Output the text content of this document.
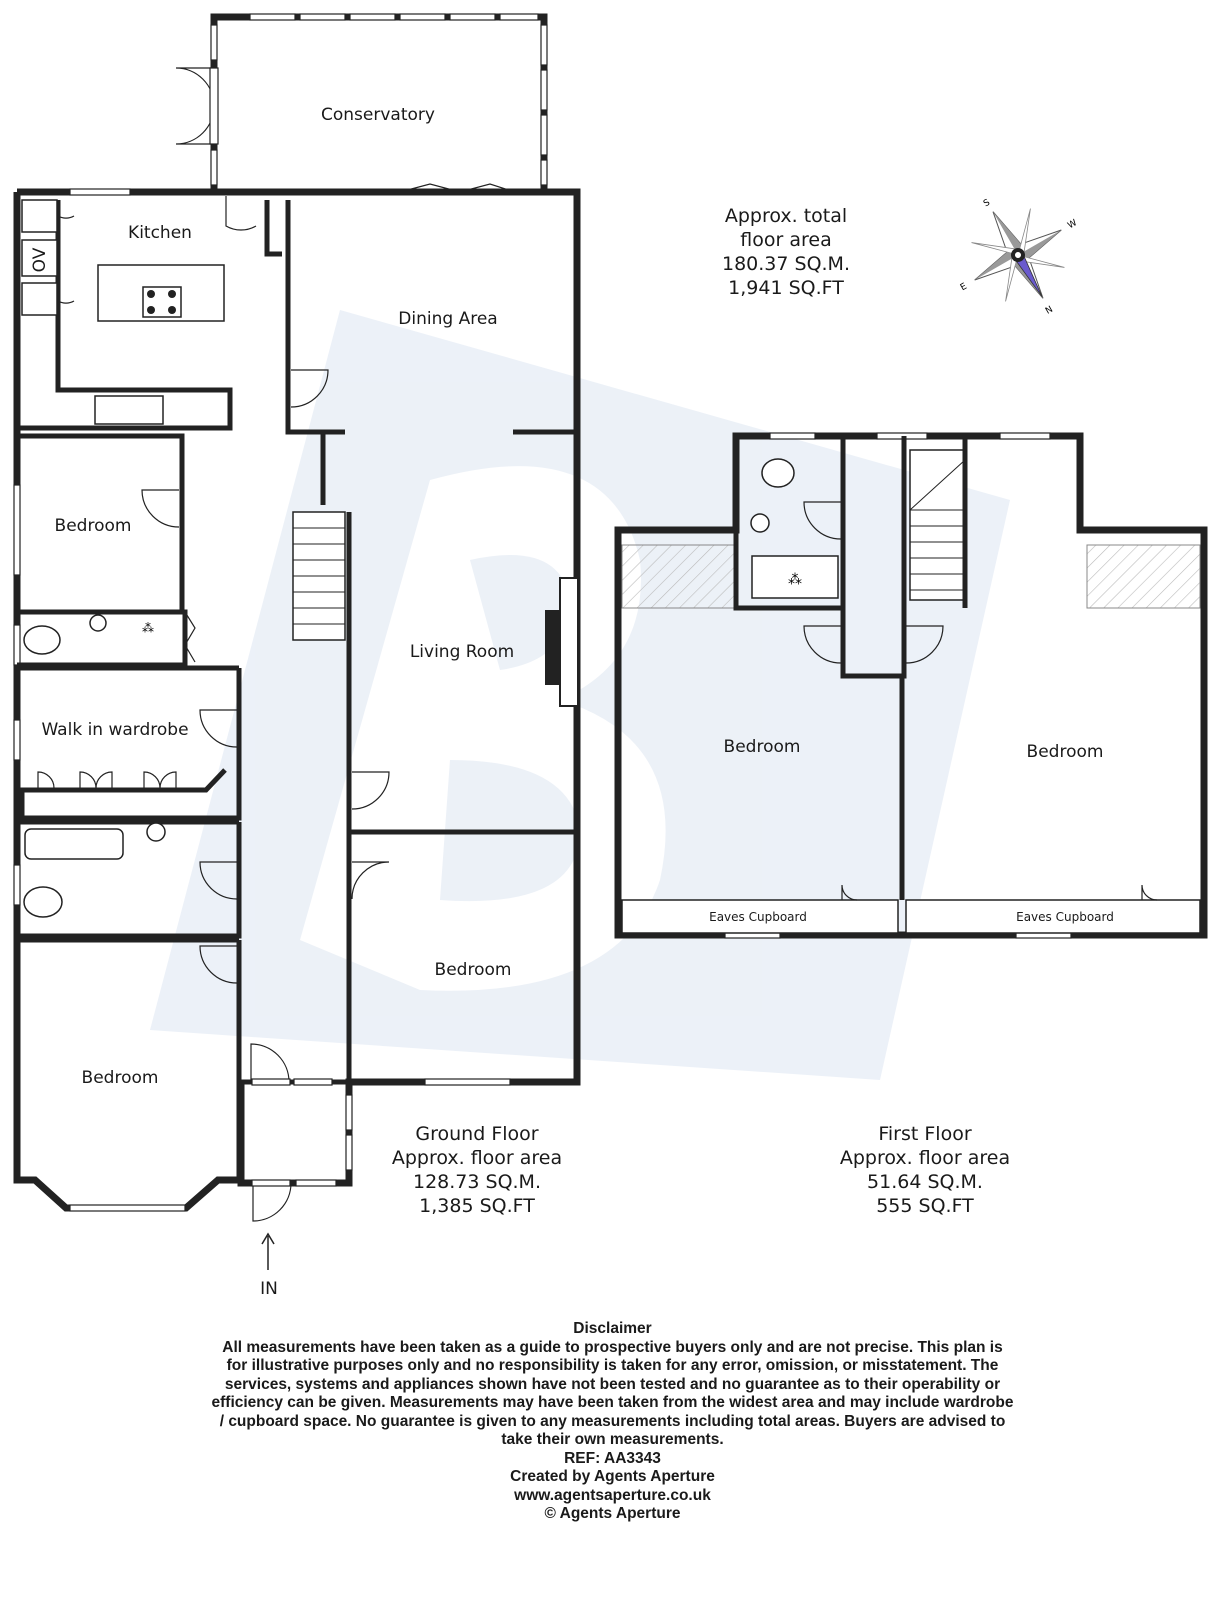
⁂
Conservatory
Kitchen
OV
Dining Area
Bedroom
Living Room
Walk in wardrobe
Bedroom
Bedroom
IN
Ground Floor
Approx. floor area
128.73 SQ.M.
1,385 SQ.FT
⁂
Bedroom	Bedroom
Eaves Cupboard	Eaves Cupboard
First Floor
Approx. floor area
51.64 SQ.M.
555 SQ.FT
Approx. total
floor area
180.37 SQ.M.
1,941 SQ.FT
N
S
E
W
Disclaimer
All measurements have been taken as a guide to prospective buyers only and are not precise. This plan is
for illustrative purposes only and no responsibility is taken for any error, omission, or misstatement. The
services, systems and appliances shown have not been tested and no guarantee as to their operability or
efficiency can be given. Measurements may have been taken from the widest area and may include wardrobe
/ cupboard space. No guarantee is given to any measurements including total areas. Buyers are advised to
take their own measurements.
REF: AA3343
Created by Agents Aperture
www.agentsaperture.co.uk
© Agents Aperture
